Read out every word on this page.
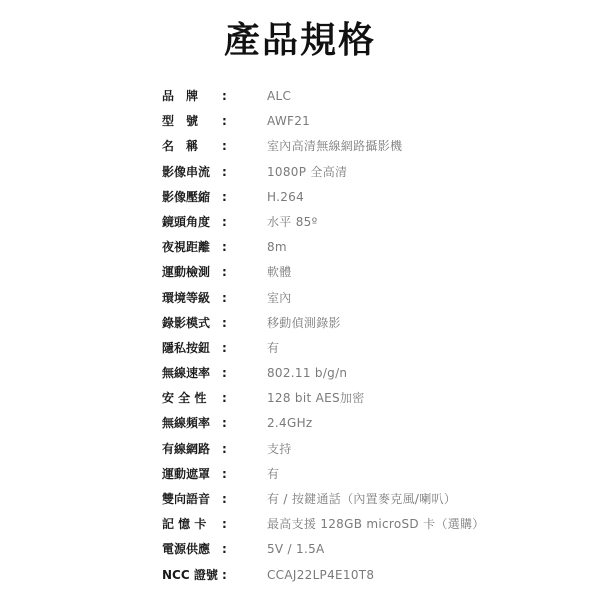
產品規格
品　牌	:	ALC
型　號	:	AWF21
名　稱	:	室內高清無線網路攝影機
影像串流 :	1080P 全高清
影像壓縮 :	H.264
鏡頭角度 :	水平 85º
夜視距離 :	8m
運動檢測 :	軟體
環境等級 :	室內
錄影模式 :	移動偵測錄影
隱私按鈕 :	有
無線速率 :	802.11 b/g/n
安 全 性	:	128 bit AES加密
無線頻率 :	2.4GHz
有線網路 :	支持
運動遮罩 :	有
雙向語音 :	有 / 按鍵通話（內置麥克風/喇叭）
記 憶 卡	:	最高支援 128GB microSD 卡（選購）
電源供應 :	5V / 1.5A
NCC 證號 :	CCAJ22LP4E10T8
